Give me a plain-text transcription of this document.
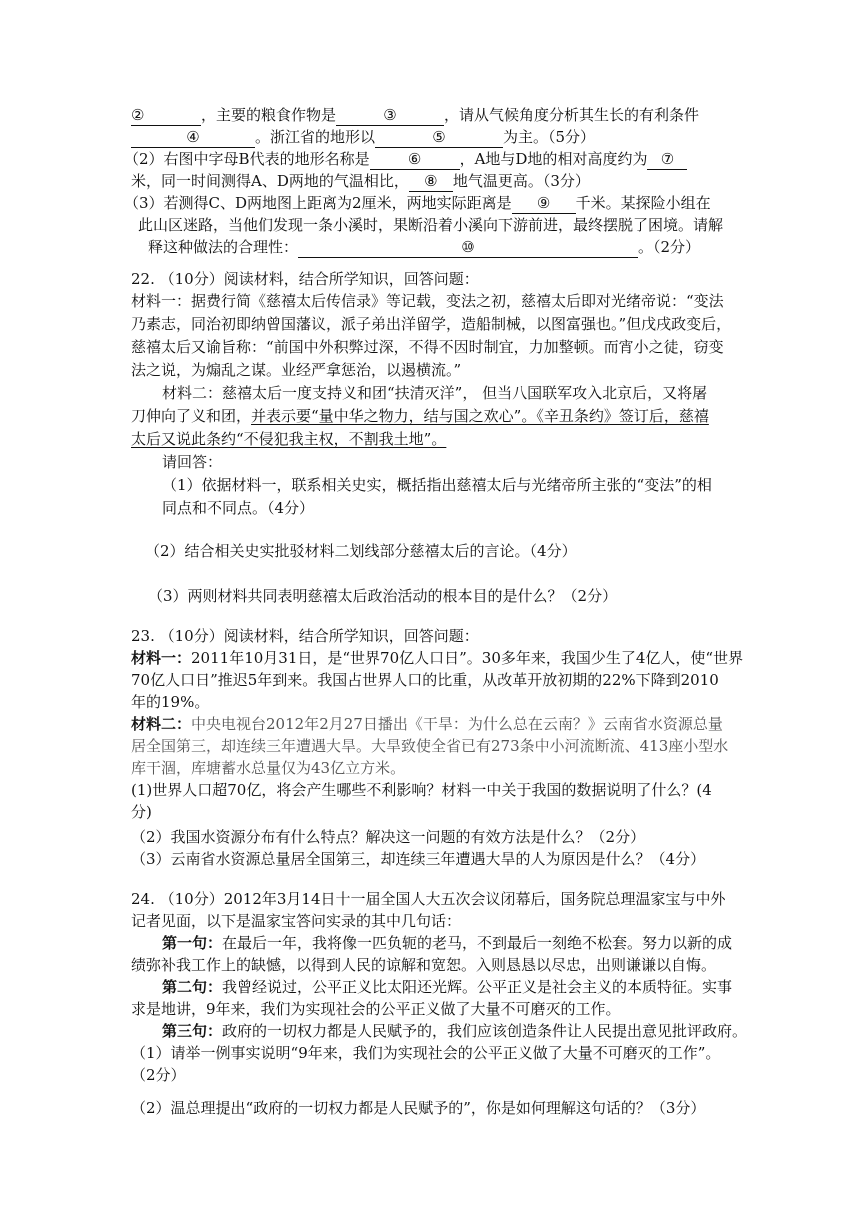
②	，主要的粮食作物是	③	，请从气候角度分析其生长的有利条件
④	。浙江省的地形以	⑤	为主。（5分）
（2）右图中字母B代表的地形名称是	⑥	，A地与D地的相对高度约为 ⑦
米，同一时间测得A、D两地的气温相比， ⑧ 地气温更高。（3分）
（3）若测得C、D两地图上距离为2厘米，两地实际距离是 ⑨ 千米。某探险小组在
此山区迷路，当他们发现一条小溪时，果断沿着小溪向下游前进，最终摆脱了困境。请解
释这种做法的合理性：	⑩	。（2分）
22. （10分）阅读材料，结合所学知识，回答问题：
材料一：据费行简《慈禧太后传信录》等记载，变法之初，慈禧太后即对光绪帝说：“变法
乃素志，同治初即纳曾国藩议，派子弟出洋留学，造船制械，以图富强也。”但戊戌政变后，
慈禧太后又谕旨称：“前国中外积弊过深，不得不因时制宜，力加整顿。而宵小之徒，窃变
法之说，为煽乱之谋。业经严拿惩治，以遏横流。”
材料二：慈禧太后一度支持义和团“扶清灭洋”， 但当八国联军攻入北京后，又将屠
刀伸向了义和团，并表示要“量中华之物力，结与国之欢心”。《辛丑条约》签订后，慈禧
太后又说此条约“不侵犯我主权，不割我土地”。
请回答：
（1）依据材料一，联系相关史实，概括指出慈禧太后与光绪帝所主张的“变法”的相
同点和不同点。（4分）
（2）结合相关史实批驳材料二划线部分慈禧太后的言论。（4分）
（3）两则材料共同表明慈禧太后政治活动的根本目的是什么？（2分）
23. （10分）阅读材料，结合所学知识，回答问题：
材料一：2011年10月31日，是“世界70亿人口日”。30多年来，我国少生了4亿人，使“世界
70亿人口日”推迟5年到来。我国占世界人口的比重，从改革开放初期的22%下降到2010
年的19%。
材料二：中央电视台2012年2月27日播出《干旱：为什么总在云南？》云南省水资源总量
居全国第三，却连续三年遭遇大旱。大旱致使全省已有273条中小河流断流、413座小型水
库干涸，库塘蓄水总量仅为43亿立方米。
(1)世界人口超70亿，将会产生哪些不利影响？材料一中关于我国的数据说明了什么？(4
分)
（2）我国水资源分布有什么特点？解决这一问题的有效方法是什么？（2分）
（3）云南省水资源总量居全国第三，却连续三年遭遇大旱的人为原因是什么？（4分）
24. （10分）2012年3月14日十一届全国人大五次会议闭幕后，国务院总理温家宝与中外
记者见面，以下是温家宝答问实录的其中几句话：
第一句：在最后一年，我将像一匹负轭的老马，不到最后一刻绝不松套。努力以新的成
绩弥补我工作上的缺憾，以得到人民的谅解和宽恕。入则恳恳以尽忠，出则谦谦以自悔。
第二句：我曾经说过，公平正义比太阳还光辉。公平正义是社会主义的本质特征。实事
求是地讲，9年来，我们为实现社会的公平正义做了大量不可磨灭的工作。
第三句：政府的一切权力都是人民赋予的，我们应该创造条件让人民提出意见批评政府。
（1）请举一例事实说明“9年来，我们为实现社会的公平正义做了大量不可磨灭的工作”。
（2分）
（2）温总理提出“政府的一切权力都是人民赋予的”，你是如何理解这句话的？（3分）
